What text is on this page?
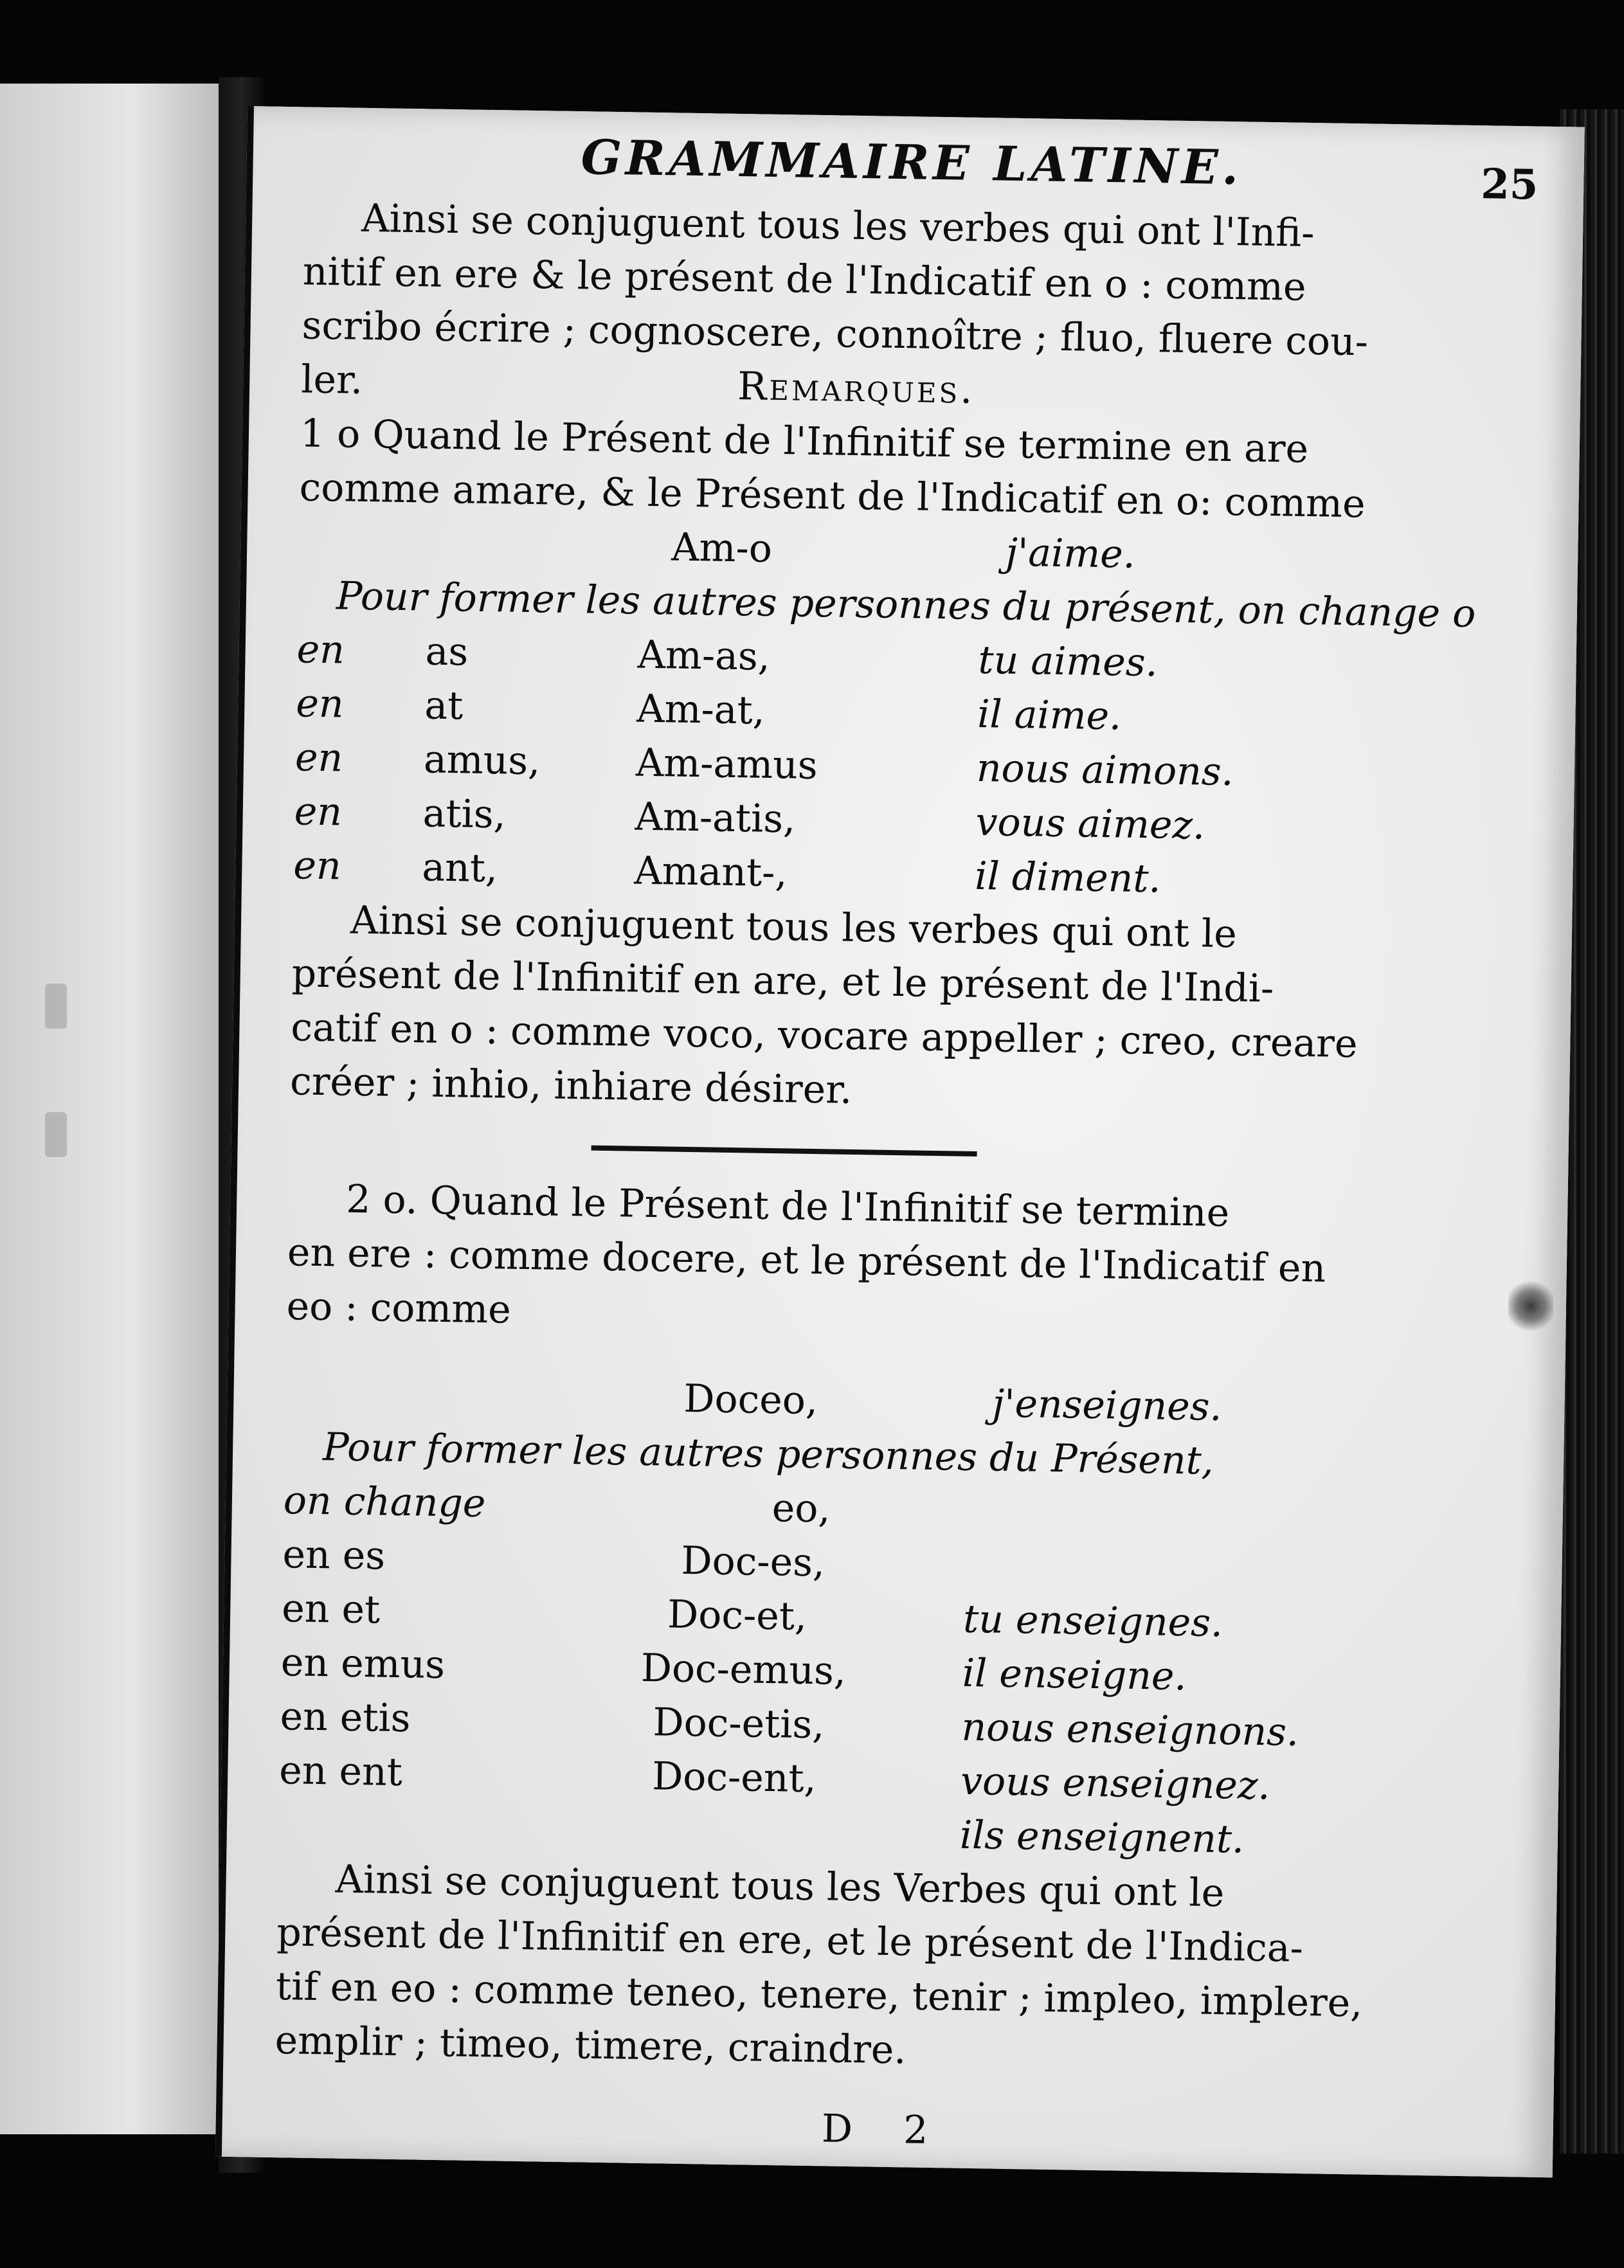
GRAMMAIRE LATINE.	25

Ainsi se conjuguent tous les verbes qui ont l'Infi-

nitif en ere & le présent de l'Indicatif en o : comme

scribo écrire ; cognoscere, connoître ; fluo, fluere cou-

ler.	Remarques.

1 o Quand le Présent de l'Infinitif se termine en are

comme amare, & le Présent de l'Indicatif en o: comme

Am-o	j'aime.
Pour former les autres personnes du présent, on change o
en as	Am-as,	tu aimes.
en at	Am-at,	il aime.
en amus, Am-amus	nous aimons.
en atis,	Am-atis,	vous aimez.
en ant,	Amant-,	il diment.

Ainsi se conjuguent tous les verbes qui ont le

présent de l'Infinitif en are, et le présent de l'Indi-

catif en o : comme voco, vocare appeller ; creo, creare

créer ; inhio, inhiare désirer.

2 o. Quand le Présent de l'Infinitif se termine

en ere : comme docere, et le présent de l'Indicatif en

eo : comme

Doceo,	j'enseignes.
Pour former les autres personnes du Présent,
on change	eo,
en es	Doc-es,
en et	Doc-et,	tu enseignes.
en emus	Doc-emus,	il enseigne.
en etis	Doc-etis,	nous enseignons.
en ent	Doc-ent,	vous enseignez.
ils enseignent.

Ainsi se conjuguent tous les Verbes qui ont le

présent de l'Infinitif en ere, et le présent de l'Indica-

tif en eo : comme teneo, tenere, tenir ; impleo, implere,

emplir ; timeo, timere, craindre.

D 2
